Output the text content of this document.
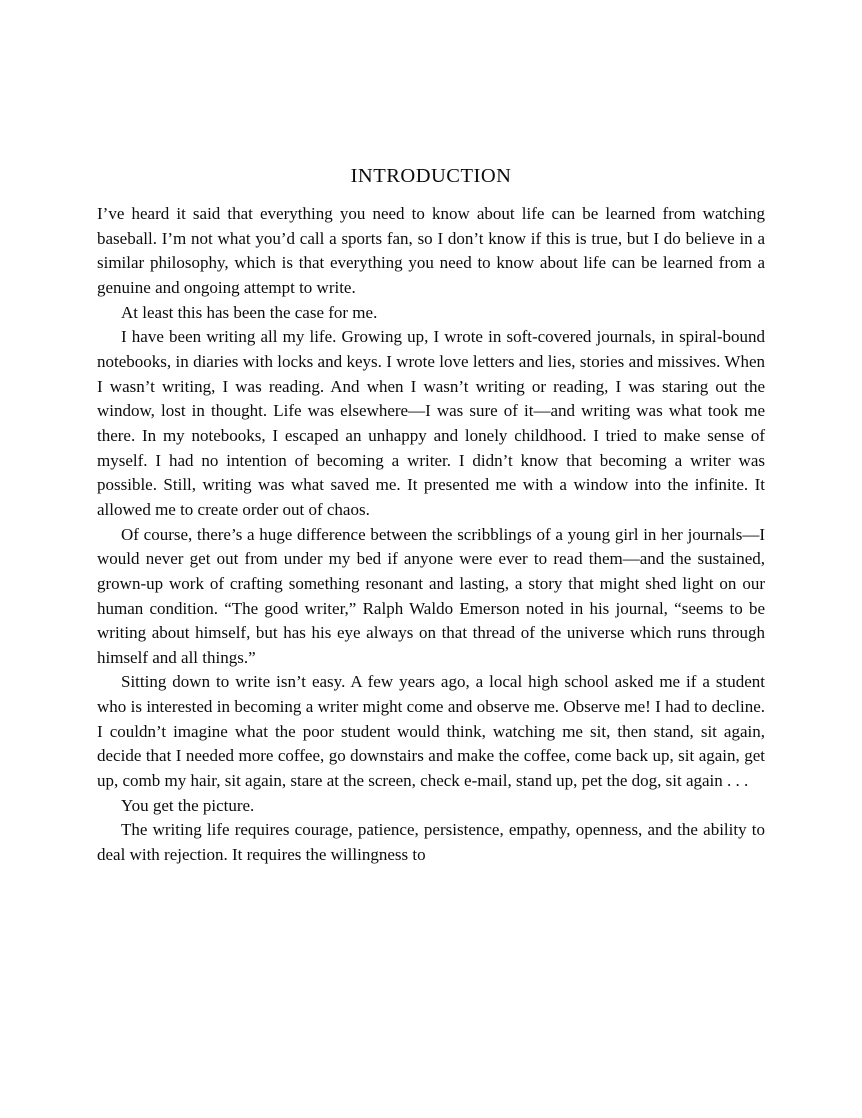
INTRODUCTION

I’ve heard it said that everything you need to know about life can be learned from watching baseball. I’m not what you’d call a sports fan, so I don’t know if this is true, but I do believe in a similar philosophy, which is that everything you need to know about life can be learned from a genuine and ongoing attempt to write.

At least this has been the case for me.

I have been writing all my life. Growing up, I wrote in soft-covered journals, in spiral-bound notebooks, in diaries with locks and keys. I wrote love letters and lies, stories and missives. When I wasn’t writing, I was reading. And when I wasn’t writing or reading, I was staring out the window, lost in thought. Life was elsewhere—I was sure of it—and writing was what took me there. In my notebooks, I escaped an unhappy and lonely childhood. I tried to make sense of myself. I had no intention of becoming a writer. I didn’t know that becoming a writer was possible. Still, writing was what saved me. It presented me with a window into the infinite. It allowed me to create order out of chaos.

Of course, there’s a huge difference between the scribblings of a young girl in her journals—I would never get out from under my bed if anyone were ever to read them—and the sustained, grown-up work of crafting something resonant and lasting, a story that might shed light on our human condition. “The good writer,” Ralph Waldo Emerson noted in his journal, “seems to be writing about himself, but has his eye always on that thread of the universe which runs through himself and all things.”

Sitting down to write isn’t easy. A few years ago, a local high school asked me if a student who is interested in becoming a writer might come and observe me. Observe me! I had to decline. I couldn’t imagine what the poor student would think, watching me sit, then stand, sit again, decide that I needed more coffee, go downstairs and make the coffee, come back up, sit again, get up, comb my hair, sit again, stare at the screen, check e-mail, stand up, pet the dog, sit again . . .

You get the picture.

The writing life requires courage, patience, persistence, empathy, openness, and the ability to deal with rejection. It requires the willingness to
